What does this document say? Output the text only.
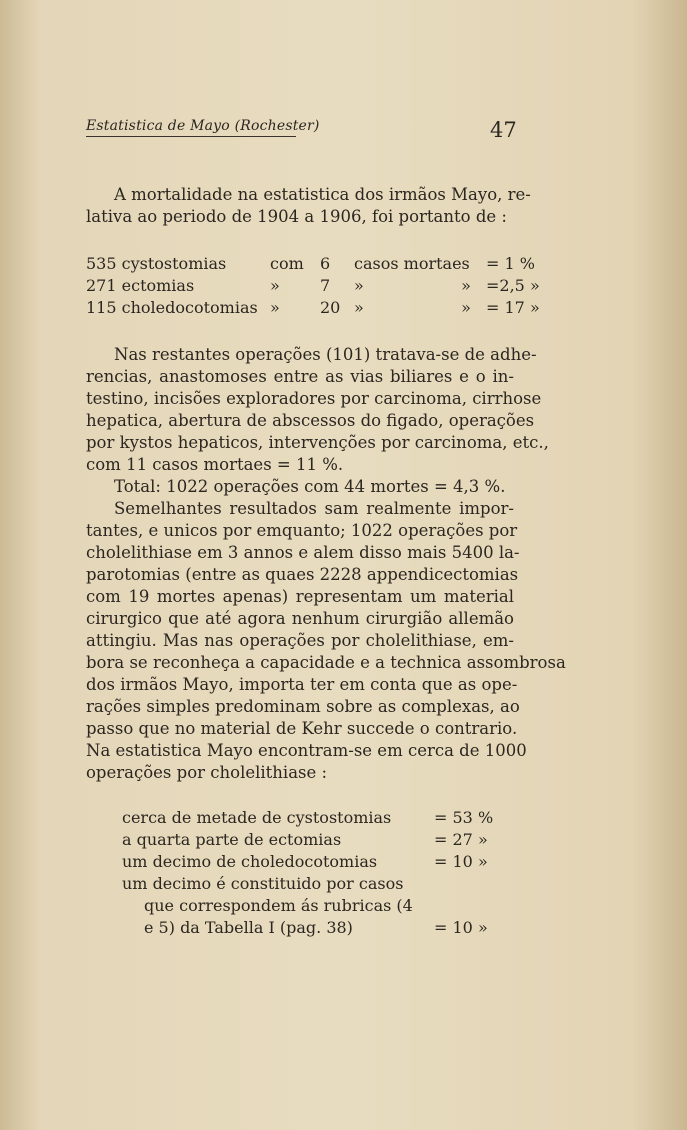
Estatistica de Mayo (Rochester)	47
A mortalidade na estatistica dos irmãos Mayo, re-
lativa ao periodo de 1904 a 1906, foi portanto de :
535 cystostomias	com	6	casos mortaes		= 1 %
271 ectomias	»	7	»	»	=2,5 »
115 choledocotomias	»	20	»	»	= 17 »
Nas restantes operações (101) tratava-se de adhe-
rencias, anastomoses entre as vias biliares e o in-
testino, incisões exploradores por carcinoma, cirrhose
hepatica, abertura de abscessos do figado, operações
por kystos hepaticos, intervenções por carcinoma, etc.,
com 11 casos mortaes = 11 %.
Total: 1022 operações com 44 mortes = 4,3 %.
Semelhantes resultados sam realmente impor-
tantes, e unicos por emquanto; 1022 operações por
cholelithiase em 3 annos e alem disso mais 5400 la-
parotomias (entre as quaes 2228 appendicectomias
com 19 mortes apenas) representam um material
cirurgico que até agora nenhum cirurgião allemão
attingiu. Mas nas operações por cholelithiase, em-
bora se reconheça a capacidade e a technica assombrosa
dos irmãos Mayo, importa ter em conta que as ope-
rações simples predominam sobre as complexas, ao
passo que no material de Kehr succede o contrario.
Na estatistica Mayo encontram-se em cerca de 1000
operações por cholelithiase :
cerca de metade de cystostomias	= 53 %
a quarta parte de ectomias	= 27 »
um decimo de choledocotomias	= 10 »
um decimo é constituido por casos	
que correspondem ás rubricas (4	
e 5) da Tabella I (pag. 38)	= 10 »
